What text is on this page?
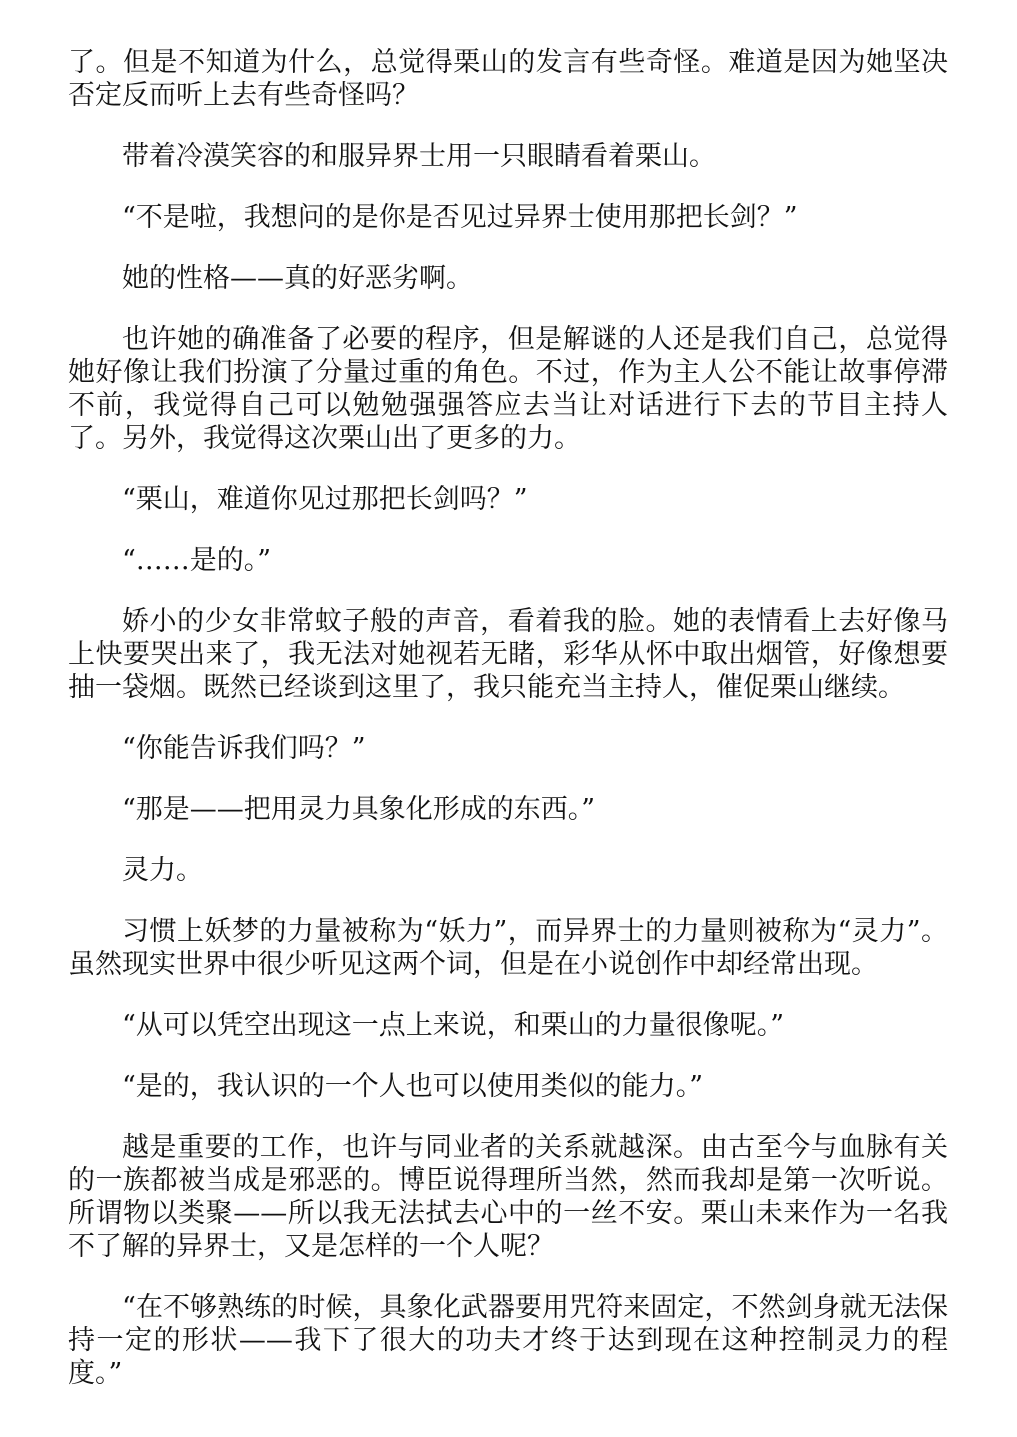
了。但是不知道为什么，总觉得栗山的发言有些奇怪。难道是因为她坚决否定反而听上去有些奇怪吗？

带着冷漠笑容的和服异界士用一只眼睛看着栗山。

“不是啦，我想问的是你是否见过异界士使用那把长剑？”

她的性格——真的好恶劣啊。

也许她的确准备了必要的程序，但是解谜的人还是我们自己，总觉得她好像让我们扮演了分量过重的角色。不过，作为主人公不能让故事停滞不前，我觉得自己可以勉勉强强答应去当让对话进行下去的节目主持人了。另外，我觉得这次栗山出了更多的力。

“栗山，难道你见过那把长剑吗？”

“……是的。”

娇小的少女非常蚊子般的声音，看着我的脸。她的表情看上去好像马上快要哭出来了，我无法对她视若无睹，彩华从怀中取出烟管，好像想要抽一袋烟。既然已经谈到这里了，我只能充当主持人，催促栗山继续。

“你能告诉我们吗？”

“那是——把用灵力具象化形成的东西。”

灵力。

习惯上妖梦的力量被称为“妖力”，而异界士的力量则被称为“灵力”。虽然现实世界中很少听见这两个词，但是在小说创作中却经常出现。

“从可以凭空出现这一点上来说，和栗山的力量很像呢。”

“是的，我认识的一个人也可以使用类似的能力。”

越是重要的工作，也许与同业者的关系就越深。由古至今与血脉有关的一族都被当成是邪恶的。博臣说得理所当然，然而我却是第一次听说。所谓物以类聚——所以我无法拭去心中的一丝不安。栗山未来作为一名我不了解的异界士，又是怎样的一个人呢？

“在不够熟练的时候，具象化武器要用咒符来固定，不然剑身就无法保持一定的形状——我下了很大的功夫才终于达到现在这种控制灵力的程度。”
